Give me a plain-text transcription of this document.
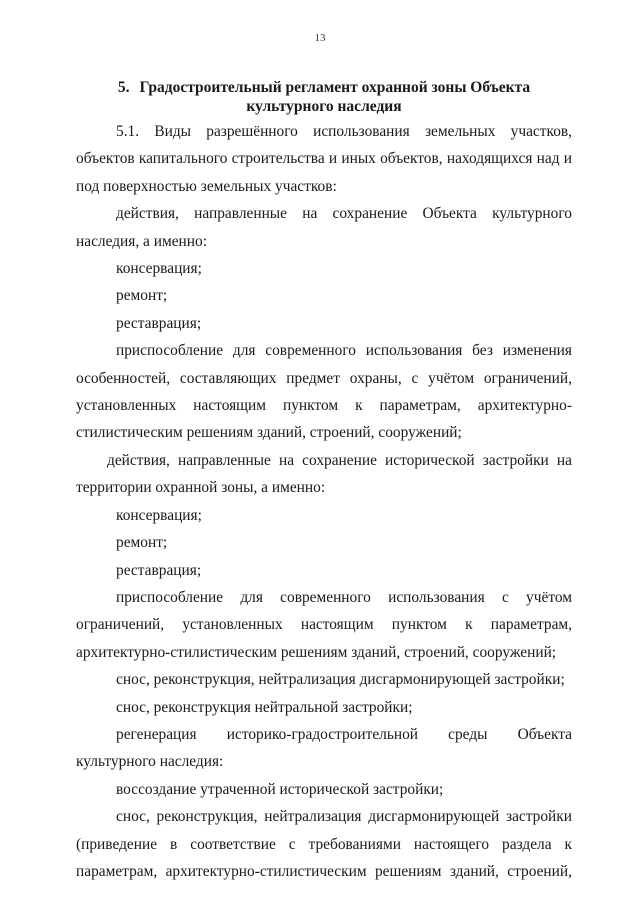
13
5. Градостроительный регламент охранной зоны Объекта культурного наследия

5.1. Виды разрешённого использования земельных участков, объектов капитального строительства и иных объектов, находящихся над и под поверхностью земельных участков:

действия, направленные на сохранение Объекта культурного наследия, а именно:

консервация;

ремонт;

реставрация;

приспособление для современного использования без изменения особенностей, составляющих предмет охраны, с учётом ограничений, установленных настоящим пунктом к параметрам, архитектурно-стилистическим решениям зданий, строений, сооружений;

действия, направленные на сохранение исторической застройки на территории охранной зоны, а именно:

консервация;

ремонт;

реставрация;

приспособление для современного использования с учётом ограничений, установленных настоящим пунктом к параметрам, архитектурно-стилистическим решениям зданий, строений, сооружений;

снос, реконструкция, нейтрализация дисгармонирующей застройки;

снос, реконструкция нейтральной застройки;

регенерация историко-градостроительной среды Объекта культурного наследия:

воссоздание утраченной исторической застройки;

снос, реконструкция, нейтрализация дисгармонирующей застройки (приведение в соответствие с требованиями настоящего раздела к параметрам, архитектурно-стилистическим решениям зданий, строений,
